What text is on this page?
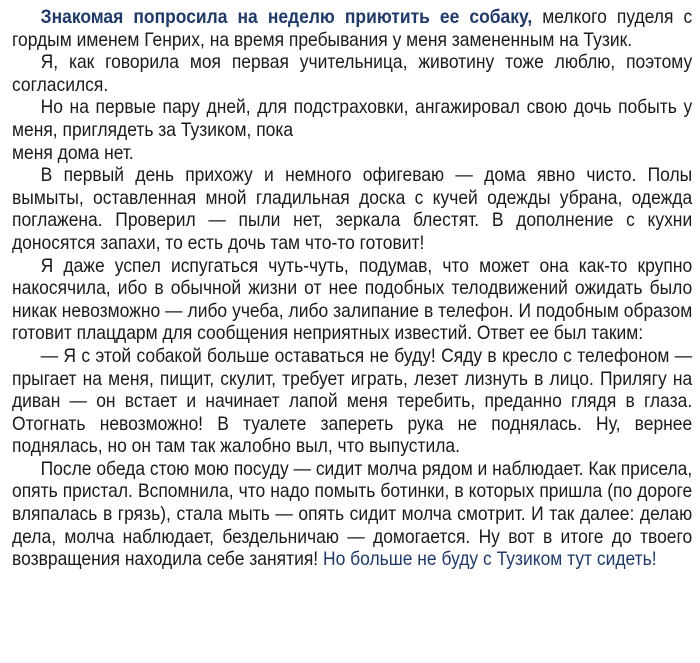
Знакомая попросила на неделю приютить ее собаку, мелкого пуделя с гордым именем Генрих, на время пребывания у меня замененным на Тузик.

Я, как говорила моя первая учительница, животину тоже люблю, поэтому согласился.

Но на первые пару дней, для подстраховки, ангажировал свою дочь побыть у меня, приглядеть за Тузиком, пока
меня дома нет.

В первый день прихожу и немного офигеваю — дома явно чисто. Полы вымыты, оставленная мной гладильная доска с кучей одежды убрана, одежда поглажена. Проверил — пыли нет, зеркала блестят. В дополнение с кухни доносятся запахи, то есть дочь там что-то готовит!

Я даже успел испугаться чуть-чуть, подумав, что может она как-то крупно накосячила, ибо в обычной жизни от нее подобных телодвижений ожидать было никак невозможно — либо учеба, либо залипание в телефон. И подобным образом готовит плацдарм для сообщения неприятных известий. Ответ ее был таким:

— Я с этой собакой больше оставаться не буду! Сяду в кресло с телефоном — прыгает на меня, пищит, скулит, требует играть, лезет лизнуть в лицо. Прилягу на диван — он встает и начинает лапой меня теребить, преданно глядя в глаза. Отогнать невозможно! В туалете запереть рука не поднялась. Ну, вернее поднялась, но он там так жалобно выл, что выпустила.

После обеда стою мою посуду — сидит молча рядом и наблюдает. Как присела, опять пристал. Вспомнила, что надо помыть ботинки, в которых пришла (по дороге вляпалась в грязь), стала мыть — опять сидит молча смотрит. И так далее: делаю дела, молча наблюдает, бездельничаю — домогается. Ну вот в итоге до твоего возвращения находила себе занятия! Но больше не буду с Тузиком тут сидеть!
